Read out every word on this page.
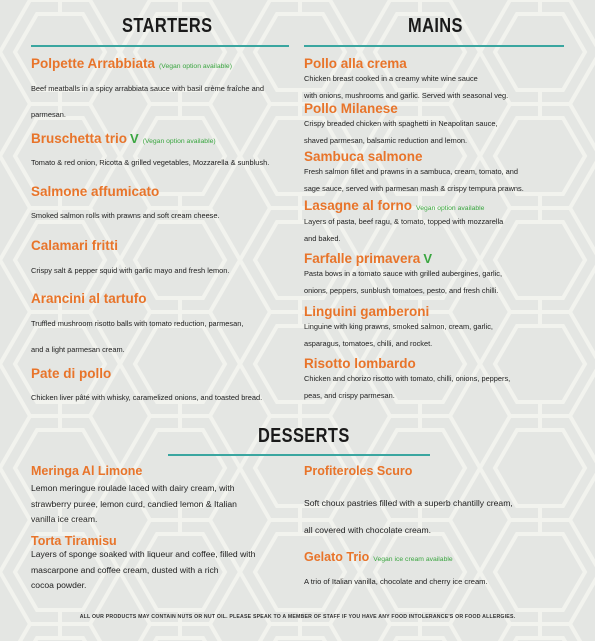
STARTERS
Polpette Arrabbiata (Vegan option available)
Beef meatballs in a spicy arrabbiata sauce with basil crème fraîche and
parmesan.
Bruschetta trio V (Vegan option available)
Tomato & red onion, Ricotta & grilled vegetables, Mozzarella & sunblush.
Salmone affumicato
Smoked salmon rolls with prawns and soft cream cheese.
Calamari fritti
Crispy salt & pepper squid with garlic mayo and fresh lemon.
Arancini al tartufo
Truffled mushroom risotto balls with tomato reduction, parmesan,
and a light parmesan cream.
Pate di pollo
Chicken liver pâté with whisky, caramelized onions, and toasted bread.
MAINS
Pollo alla crema
Chicken breast cooked in a creamy white wine sauce
with onions, mushrooms and garlic. Served with seasonal veg.
Pollo Milanese
Crispy breaded chicken with spaghetti in Neapolitan sauce,
shaved parmesan, balsamic reduction and lemon.
Sambuca salmone
Fresh salmon fillet and prawns in a sambuca, cream, tomato, and
sage sauce, served with parmesan mash & crispy tempura prawns.
Lasagne al forno Vegan option available
Layers of pasta, beef ragu, & tomato, topped with mozzarella
and baked.
Farfalle primavera V
Pasta bows in a tomato sauce with grilled aubergines, garlic,
onions, peppers, sunblush tomatoes, pesto, and fresh chilli.
Linguini gamberoni
Linguine with king prawns, smoked salmon, cream, garlic,
asparagus, tomatoes, chilli, and rocket.
Risotto lombardo
Chicken and chorizo risotto with tomato, chilli, onions, peppers,
peas, and crispy parmesan.
DESSERTS
Meringa Al Limone
Lemon meringue roulade laced with dairy cream, with
strawberry puree, lemon curd, candied lemon & Italian
vanilla ice cream.
Torta Tiramisu
Layers of sponge soaked with liqueur and coffee, filled with
mascarpone and coffee cream, dusted with a rich
cocoa powder.
Profiteroles Scuro
Soft choux pastries filled with a superb chantilly cream,
all covered with chocolate cream.
Gelato Trio Vegan ice cream available
A trio of Italian vanilla, chocolate and cherry ice cream.
ALL OUR PRODUCTS MAY CONTAIN NUTS OR NUT OIL. PLEASE SPEAK TO A MEMBER OF STAFF IF YOU HAVE ANY FOOD INTOLERANCE'S OR FOOD ALLERGIES.
